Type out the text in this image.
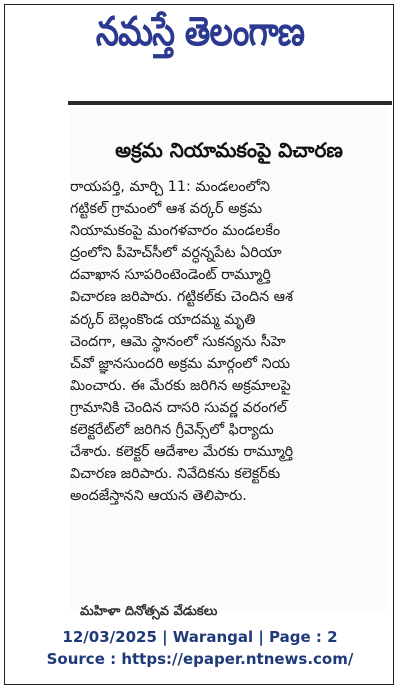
నమస్తే తెలంగాణ
అక్రమ నియామకంపై విచారణ
రాయపర్తి, మార్చి 11: మండలంలోని
గట్టికల్ గ్రామంలో ఆశ వర్కర్ అక్రమ
నియామకంపై మంగళవారం మండలకేం
ద్రంలోని పీహెచ్‌సీలో వర్ధన్నపేట ఏరియా
దవాఖాన సూపరింటెండెంట్ రామ్మూర్తి
విచారణ జరిపారు. గట్టికల్‌కు చెందిన ఆశ
వర్కర్ బెల్లంకొండ యాదమ్మ మృతి
చెందగా, ఆమె స్థానంలో సుకన్యను సీహె
చ్‌వో జ్ఞానసుందరి అక్రమ మార్గంలో నియ
మించారు. ఈ మేరకు జరిగిన అక్రమాలపై
గ్రామానికి చెందిన దాసరి సువర్ణ వరంగల్
కలెక్టరేట్‌లో జరిగిన గ్రీవెన్స్‌లో ఫిర్యాదు
చేశారు. కలెక్టర్ ఆదేశాల మేరకు రామ్మూర్తి
విచారణ జరిపారు. నివేదికను కలెక్టర్‌కు
అందజేస్తానని ఆయన తెలిపారు.
మహిళా దినోత్సవ వేడుకలు
12/03/2025 | Warangal | Page : 2
Source : https://epaper.ntnews.com/
